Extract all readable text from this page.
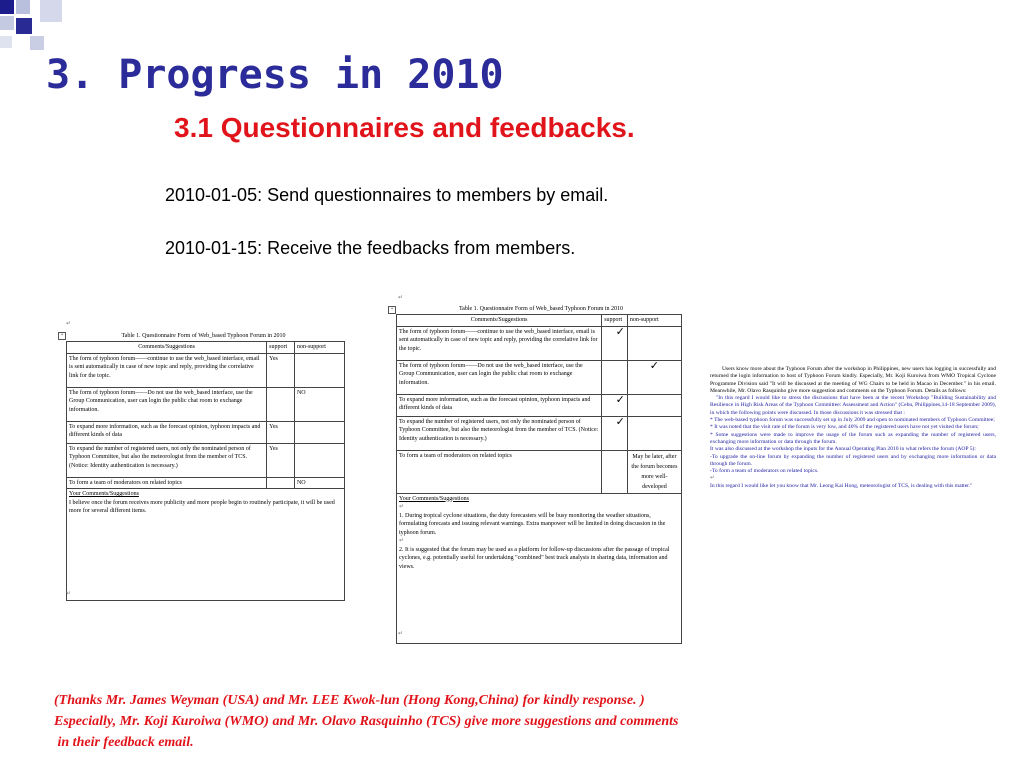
3. Progress in 2010
3.1 Questionnaires and feedbacks.

2010-01-05: Send questionnaires to members by email.

2010-01-15: Receive the feedbacks from members.

↵
+	Table 1. Questionnaire Form of Web_based Typhoon Forum in 2010
Comments/Suggestions	support	non-support
The form of typhoon forum——continue to use the web_based interface, email is sent automatically in case of new topic and reply, providing the correlative link for the topic.	Yes	
The form of typhoon forum——Do not use the web_based interface, use the Group Communication, user can login the public chat room to exchange information.		NO
To expand more information, such as the forecast opinion, typhoon impacts and different kinds of data	Yes	
To expand the number of registered users, not only the nominated person of Typhoon Committee, but also the meteorologist from the member of TCS. (Notice: Identity authentication is necessary.)	Yes	
To form a team of moderators on related topics		NO

Your Comments/Suggestions
I believe once the forum receives more publicity and more people begin to routinely participate, it will be used more for several different items.		
↵
↵
+	Table 1. Questionnaire Form of Web_based Typhoon Forum in 2010
Comments/Suggestions	support	non-support
The form of typhoon forum——continue to use the web_based interface, email is sent automatically in case of new topic and reply, providing the correlative link for the topic.	✓	
The form of typhoon forum——Do not use the web_based interface, use the Group Communication, user can login the public chat room to exchange information.		✓
To expand more information, such as the forecast opinion, typhoon impacts and different kinds of data	✓	
To expand the number of registered users, not only the nominated person of Typhoon Committee, but also the meteorologist from the member of TCS. (Notice: Identity authentication is necessary.)	✓	
To form a team of moderators on related topics		May be later, after the forum becomes more well-developed

Your Comments/Suggestions
↵
1. During tropical cyclone situations, the duty forecasters will be busy monitoring the weather situations, formulating forecasts and issuing relevant warnings. Extra manpower will be limited in doing discussion in the typhoon forum.
↵
2. It is suggested that the forum may be used as a platform for follow-up discussions after the passage of tropical cyclones, e.g. potentially useful for undertaking "combined" best track analysis in sharing data, information and views.		
↵

Users know more about the Typhoon Forum after the workshop in Philippines, new users has logging in successfully and returned the login information to host of Typhoon Forum kindly. Especially, Mr. Koji Kuroiwa from WMO Tropical Cyclone Programme Division said "It will be discussed at the meeting of WG Chairs to be held in Macao in December." in his email. Meanwhile, Mr. Olavo Rasquinho give more suggestion and comments on the Typhoon Forum. Details as follows:

"In this regard I would like to stress the discussions that have been at the recent Workshop "Building Sustainability and Resilience in High Risk Areas of the Typhoon Committee: Assessment and Action" (Cebu, Philippines,14-18 September 2009), in which the following points were discussed. In those discussions it was stressed that :

* The web-based typhoon forum was successfully set up in July 2009 and open to nominated members of Typhoon Committee;

* It was noted that the visit rate of the forum is very low, and 40% of the registered users have not yet visited the forum;

* Some suggestions were made to improve the usage of the forum such as expanding the number of registered users, exchanging more information or data through the forum.

It was also discussed at the workshop the inputs for the Annual Operating Plan 2010 in what refers the forum (AOP 5):

-To upgrade the on-line forum by expanding the number of registered users and by exchanging more information or data through the forum.

-To form a team of moderators on related topics.

↵

In this regard I would like let you know that Mr. Leong Kai Hong, meteorologist of TCS, is dealing with this matter."

(Thanks Mr. James Weyman (USA) and Mr. LEE Kwok-lun (Hong Kong,China) for kindly response. )
Especially, Mr. Koji Kuroiwa (WMO) and Mr. Olavo Rasquinho (TCS) give more suggestions and comments
in their feedback email.
